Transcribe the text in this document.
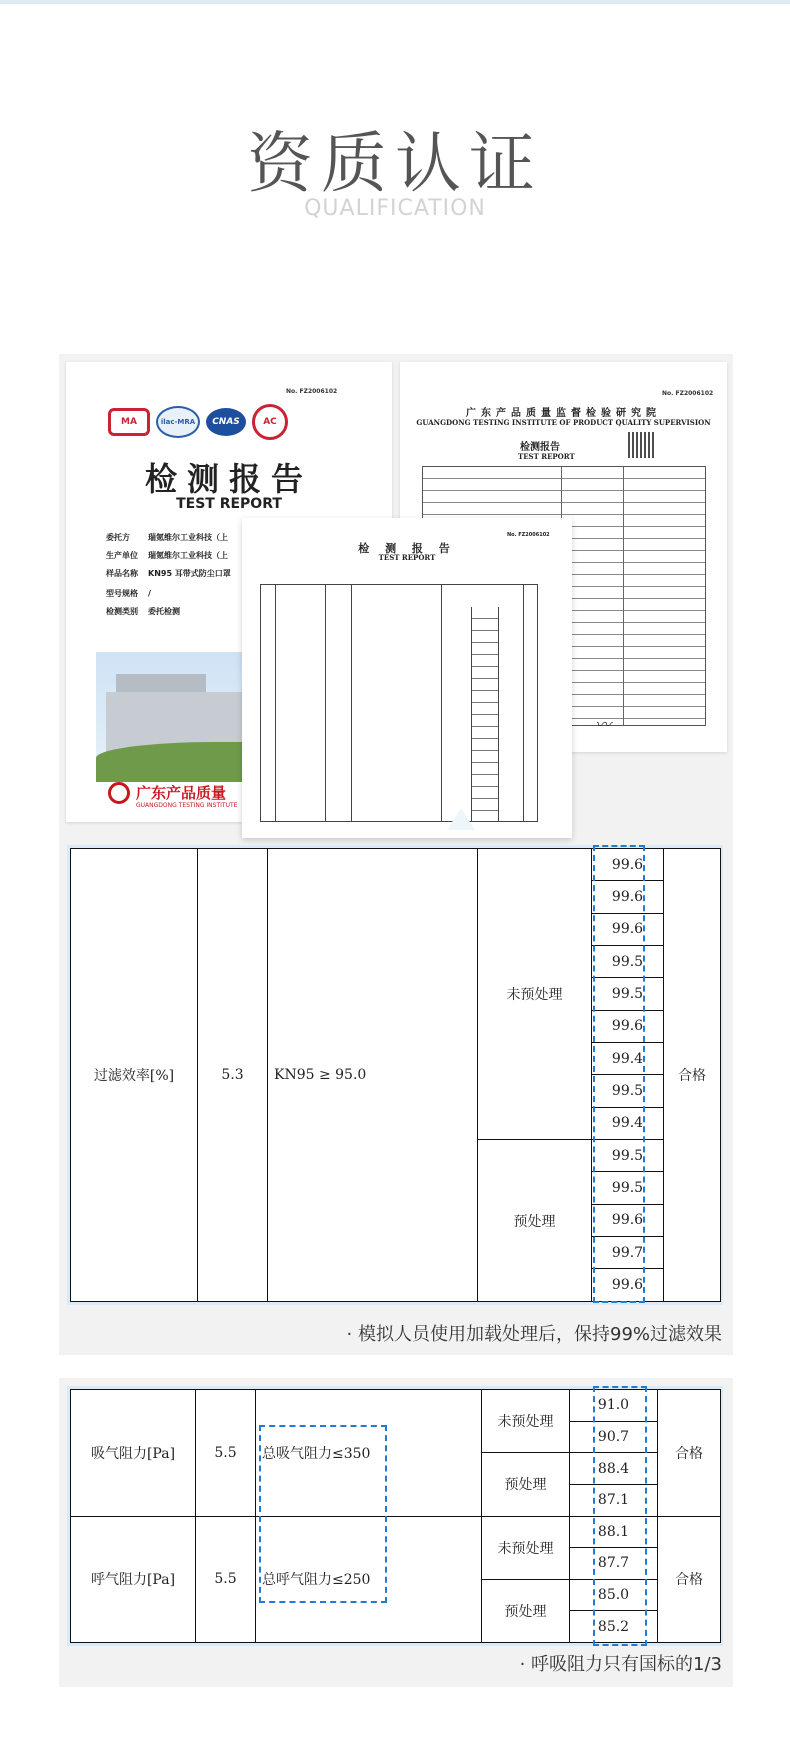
资质认证
QUALIFICATION
No. FZ2006102
MA	ilac-MRA	CNAS	AC
检测报告
TEST REPORT
委托方 瑞氪维尔工业科技（上
生产单位 瑞氪维尔工业科技（上
样品名称 KN95 耳带式防尘口罩
型号规格 /
检测类别 委托检测
广东产品质量
GUANGDONG TESTING INSTITUTE
No. FZ2006102
广东产品质量监督检验研究院
GUANGDONG TESTING INSTITUTE OF PRODUCT QUALITY SUPERVISION
检测报告
TEST REPORT
〰
No. FZ2006102
检 测 报 告
TEST REPORT
过滤效率[%]	5.3	KN95 ≥ 95.0	未预处理	99.6	合格
				99.6	
				99.6	
				99.5	
				99.5	
				99.6	
				99.4	
				99.5	
				99.4	
			预处理	99.5	
				99.5	
				99.6	
				99.7	
				99.6	
· 模拟人员使用加载处理后，保持99%过滤效果
吸气阻力[Pa]	5.5	总吸气阻力≤350	未预处理	91.0	合格
				90.7	
			预处理	88.4	
				87.1	
呼气阻力[Pa]	5.5	总呼气阻力≤250	未预处理	88.1	合格
				87.7	
			预处理	85.0	
				85.2	
· 呼吸阻力只有国标的1/3
